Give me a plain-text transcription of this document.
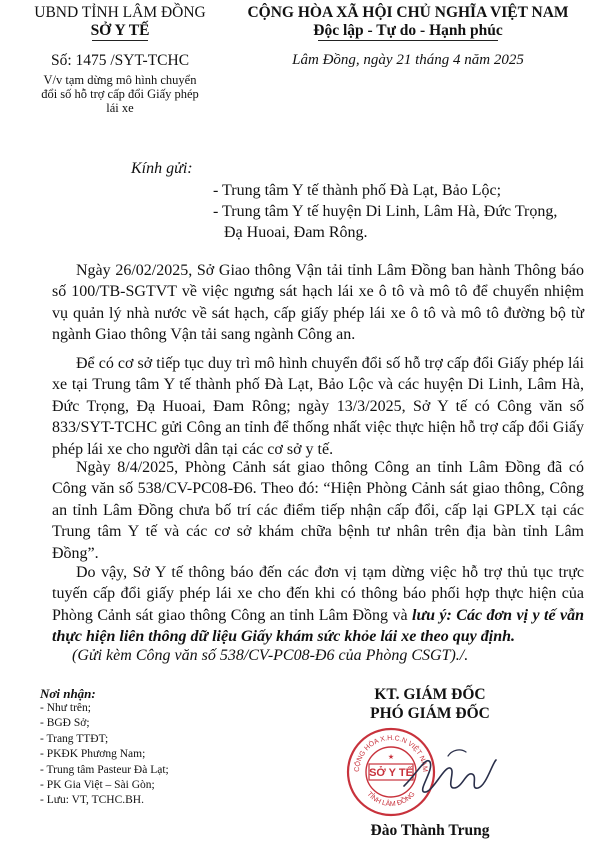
UBND TỈNH LÂM ĐỒNG
SỞ Y TẾ
Số: 1475 /SYT-TCHC
V/v tạm dừng mô hình chuyển
đổi số hỗ trợ cấp đổi Giấy phép
lái xe
CỘNG HÒA XÃ HỘI CHỦ NGHĨA VIỆT NAM
Độc lập - Tự do - Hạnh phúc
Lâm Đồng, ngày 21 tháng 4 năm 2025
Kính gửi:
- Trung tâm Y tế thành phố Đà Lạt, Bảo Lộc;
- Trung tâm Y tế huyện Di Linh, Lâm Hà, Đức Trọng,
Đạ Huoai, Đam Rông.
Ngày 26/02/2025, Sở Giao thông Vận tải tỉnh Lâm Đồng ban hành Thông báo số 100/TB-SGTVT về việc ngưng sát hạch lái xe ô tô và mô tô để chuyển nhiệm vụ quản lý nhà nước về sát hạch, cấp giấy phép lái xe ô tô và mô tô đường bộ từ ngành Giao thông Vận tải sang ngành Công an.
Để có cơ sở tiếp tục duy trì mô hình chuyển đổi số hỗ trợ cấp đổi Giấy phép lái xe tại Trung tâm Y tế thành phố Đà Lạt, Bảo Lộc và các huyện Di Linh, Lâm Hà, Đức Trọng, Đạ Huoai, Đam Rông; ngày 13/3/2025, Sở Y tế có Công văn số 833/SYT-TCHC gửi Công an tỉnh để thống nhất việc thực hiện hỗ trợ cấp đổi Giấy phép lái xe cho người dân tại các cơ sở y tế.
Ngày 8/4/2025, Phòng Cảnh sát giao thông Công an tỉnh Lâm Đồng đã có Công văn số 538/CV-PC08-Đ6. Theo đó: “Hiện Phòng Cảnh sát giao thông, Công an tỉnh Lâm Đồng chưa bố trí các điểm tiếp nhận cấp đổi, cấp lại GPLX tại các Trung tâm Y tế và các cơ sở khám chữa bệnh tư nhân trên địa bàn tỉnh Lâm Đồng”.
Do vậy, Sở Y tế thông báo đến các đơn vị tạm dừng việc hỗ trợ thủ tục trực tuyến cấp đổi giấy phép lái xe cho đến khi có thông báo phối hợp thực hiện của Phòng Cảnh sát giao thông Công an tỉnh Lâm Đồng và lưu ý: Các đơn vị y tế vẫn thực hiện liên thông dữ liệu Giấy khám sức khỏe lái xe theo quy định.
(Gửi kèm Công văn số 538/CV-PC08-Đ6 của Phòng CSGT)./.
Nơi nhận:
- Như trên;
- BGĐ Sở;
- Trang TTĐT;
- PKĐK Phương Nam;
- Trung tâm Pasteur Đà Lạt;
- PK Gia Việt – Sài Gòn;
- Lưu: VT, TCHC.BH.
KT. GIÁM ĐỐC
PHÓ GIÁM ĐỐC
CỘNG HÒA X.H.C.N VIỆT NAM
TỈNH LÂM ĐỒNG
SỞ Y TẾ
★
Đào Thành Trung
